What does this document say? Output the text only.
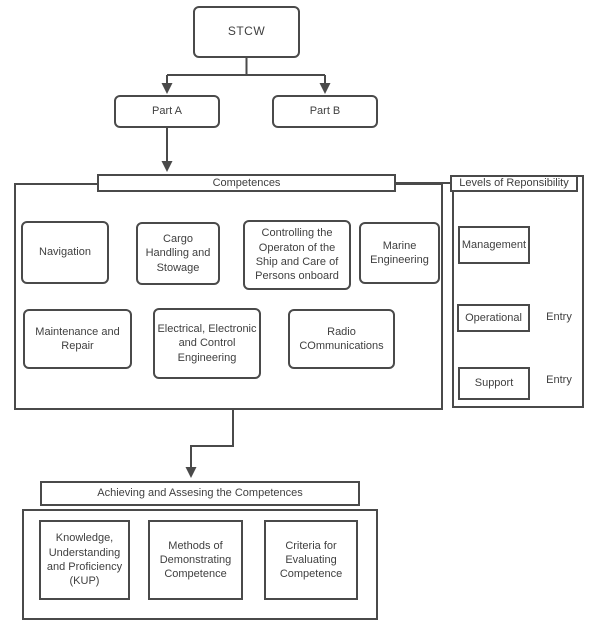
STCW
Part A	Part B
Competences
Navigation
Cargo Handling and Stowage
Controlling the Operaton of the Ship and Care of Persons onboard
Marine Engineering
Maintenance and Repair
Electrical, Electronic and Control Engineering
Radio COmmunications
Levels of Reponsibility
Management
Operational
Support
Entry
Entry
Achieving and Assesing the Competences
Knowledge, Understanding and Proficiency (KUP)
Methods of Demonstrating Competence
Criteria for Evaluating Competence
